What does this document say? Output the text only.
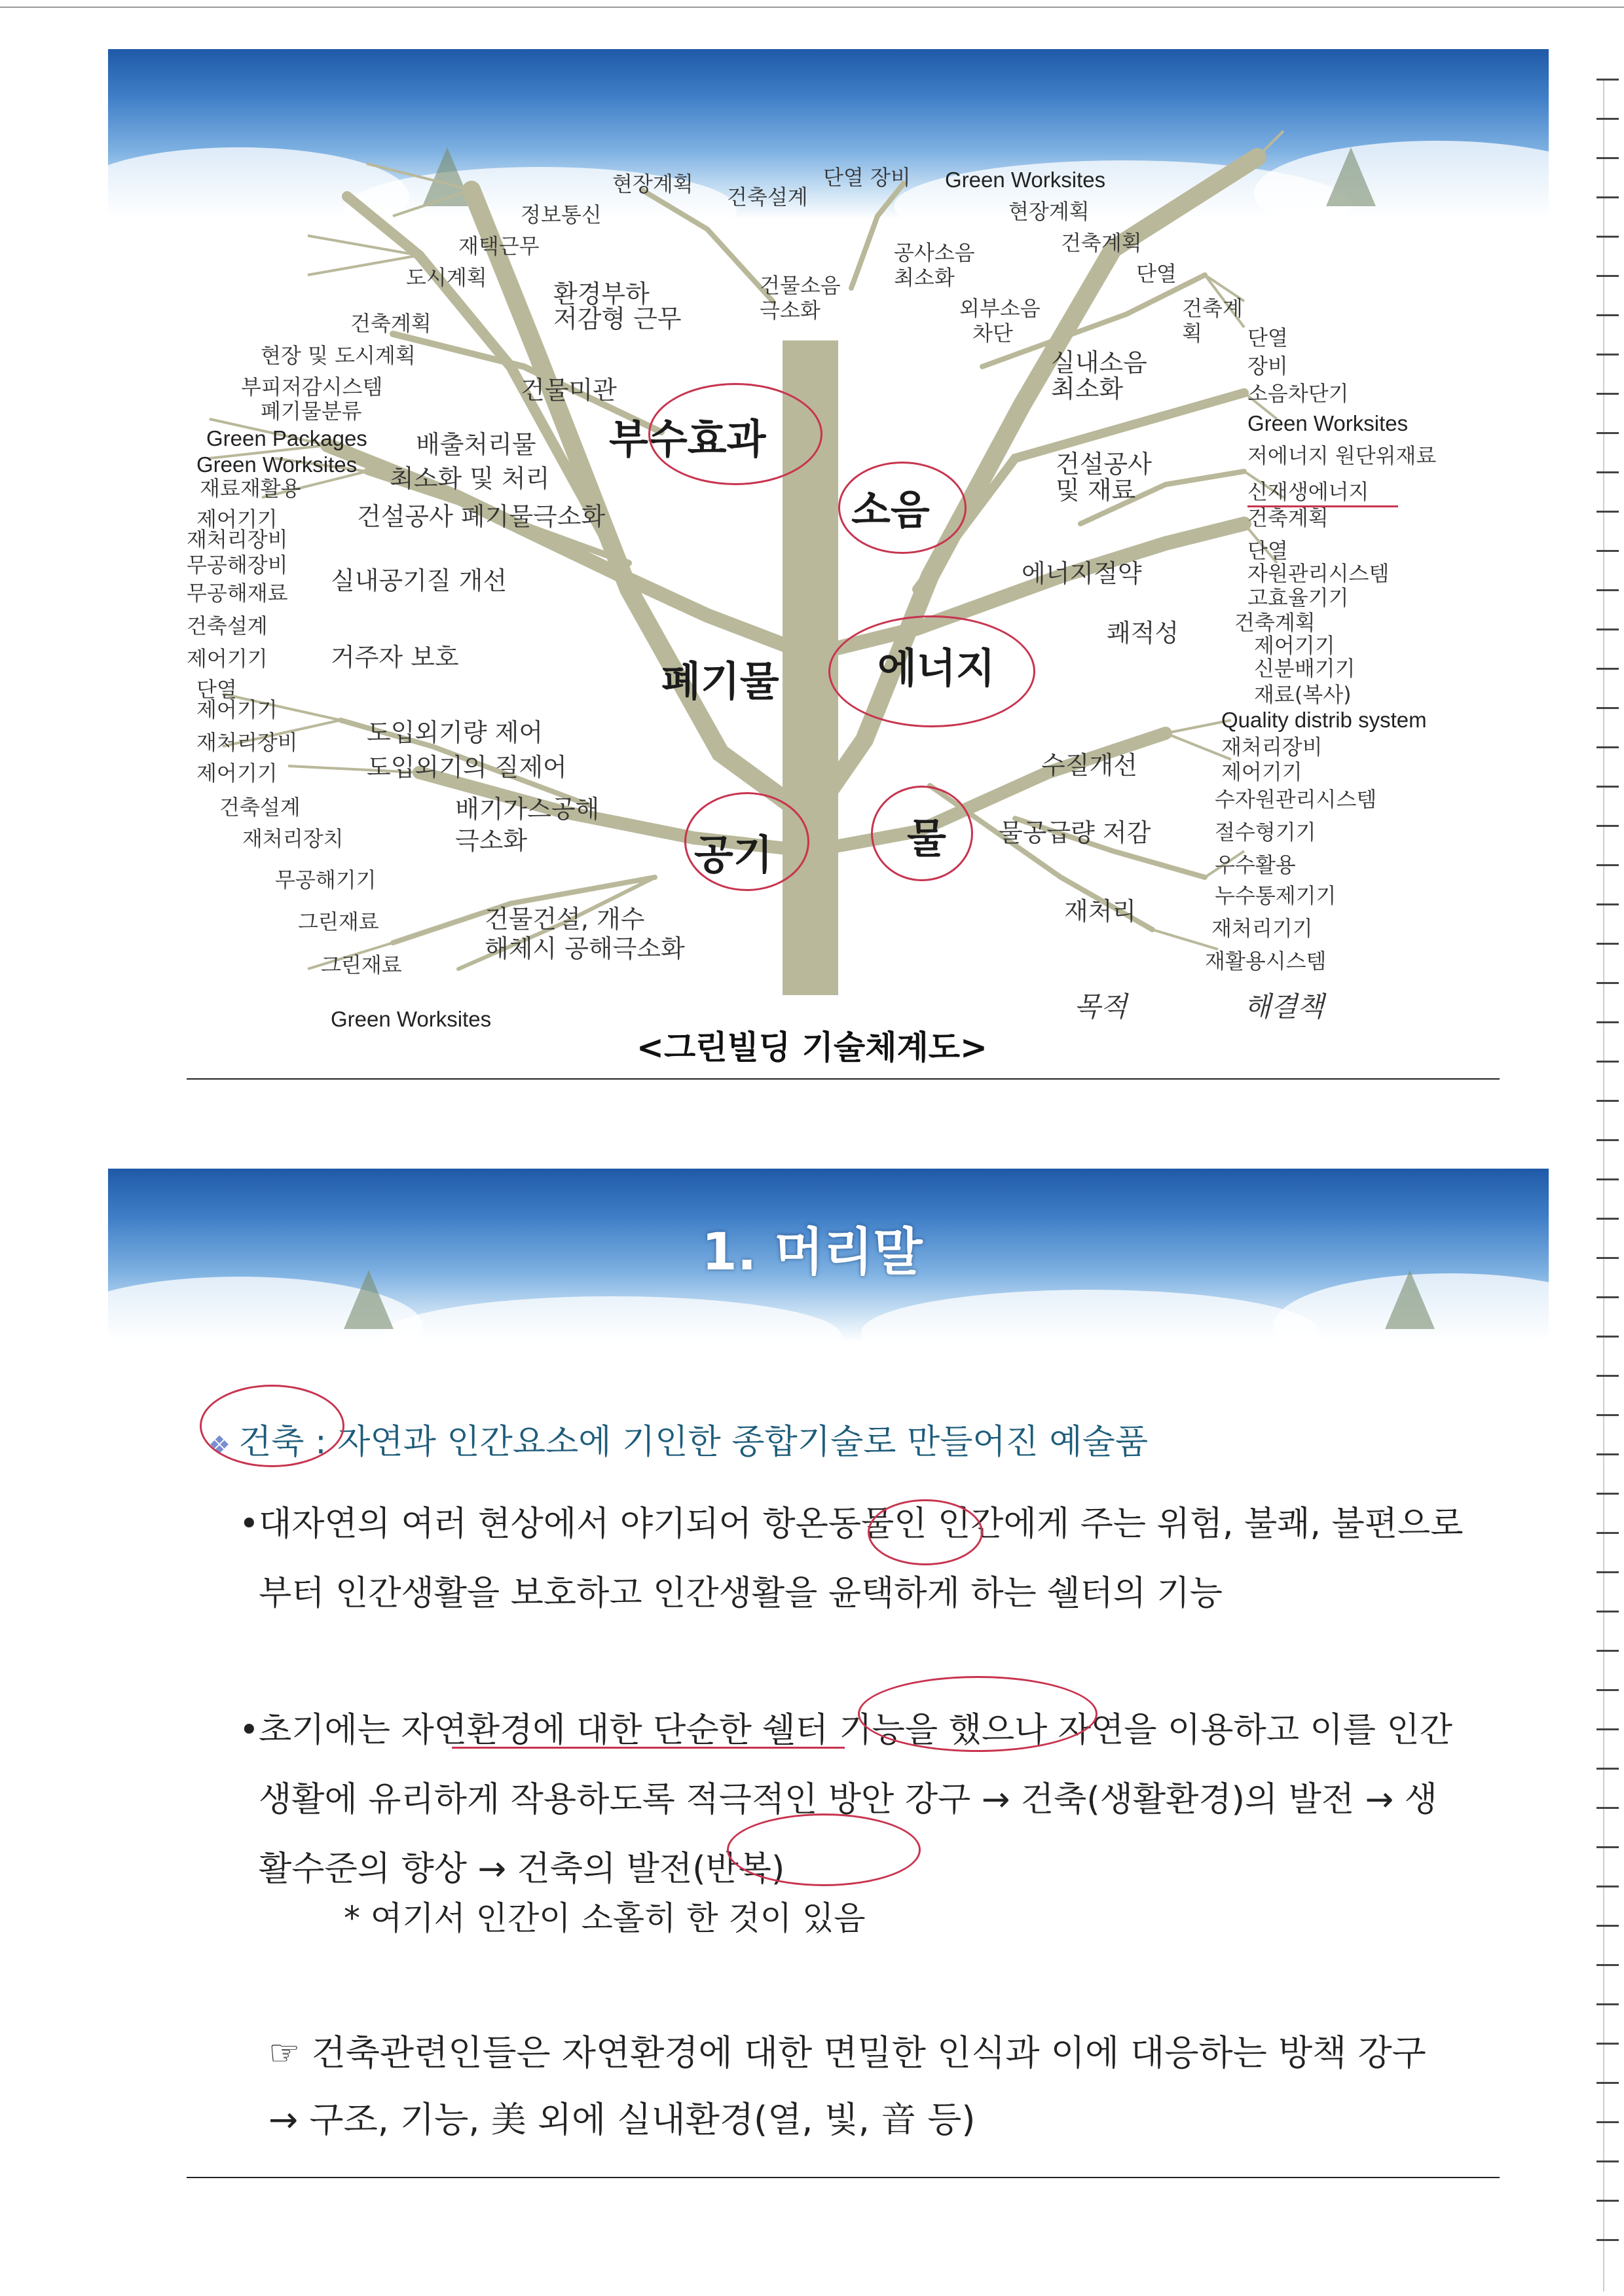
부수효과
소음
폐기물 에너지
공기	물
건축설계
단열 장비 Green Worksites
현장계획
건물소음
극소화
공사소음
최소화
건축계획
단열
외부소음
차단
건축계
획
현장계획
정보통신
재택근무
도시계획
건축계획
현장 및 도시계획
부피저감시스템
폐기물분류
Green Packages
Green Worksites
재료재활용
제어기기
재처리장비
무공해장비
무공해재료
건축설계
제어기기
단열
제어기기
재처리장비
제어기기
건축설계
재처리장치
무공해기기
그린재료
그린재료
Green Worksites
환경부하
저감형 근무
건물미관
배출처리물
최소화 및 처리
건설공사 폐기물극소화
실내공기질 개선
거주자 보호
도입외기량 제어
도입외기의 질제어
배기가스공해
극소화
건물건설, 개수
해체시 공해극소화
실내소음
최소화
건설공사
및 재료
에너지절약
쾌적성
수질개선
물공급량 저감
재처리
단열
장비
소음차단기
Green Worksites
저에너지 원단위재료
신재생에너지
건축계획
단열
자원관리시스템
고효율기기
건축계획
제어기기
신분배기기
재료(복사)
Quality distrib system
재처리장비
제어기기
수자원관리시스템
절수형기기
우수활용
누수통제기기
재처리기기
재활용시스템
목적	해결책
<그린빌딩 기술체계도>
1. 머리말
❖ 건축 : 자연과 인간요소에 기인한 종합기술로 만들어진 예술품
• 대자연의 여러 현상에서 야기되어 항온동물인 인간에게 주는 위험, 불쾌, 불편으로부터 인간생활을 보호하고 인간생활을 윤택하게 하는 쉘터의 기능
• 초기에는 자연환경에 대한 단순한 쉘터 기능을 했으나 자연을 이용하고 이를 인간생활에 유리하게 작용하도록 적극적인 방안 강구 → 건축(생활환경)의 발전 → 생활수준의 향상 → 건축의 발전(반복)
* 여기서 인간이 소홀히 한 것이 있음
☞ 건축관련인들은 자연환경에 대한 면밀한 인식과 이에 대응하는 방책 강구 → 구조, 기능, 美 외에 실내환경(열, 빛, 音 등)
